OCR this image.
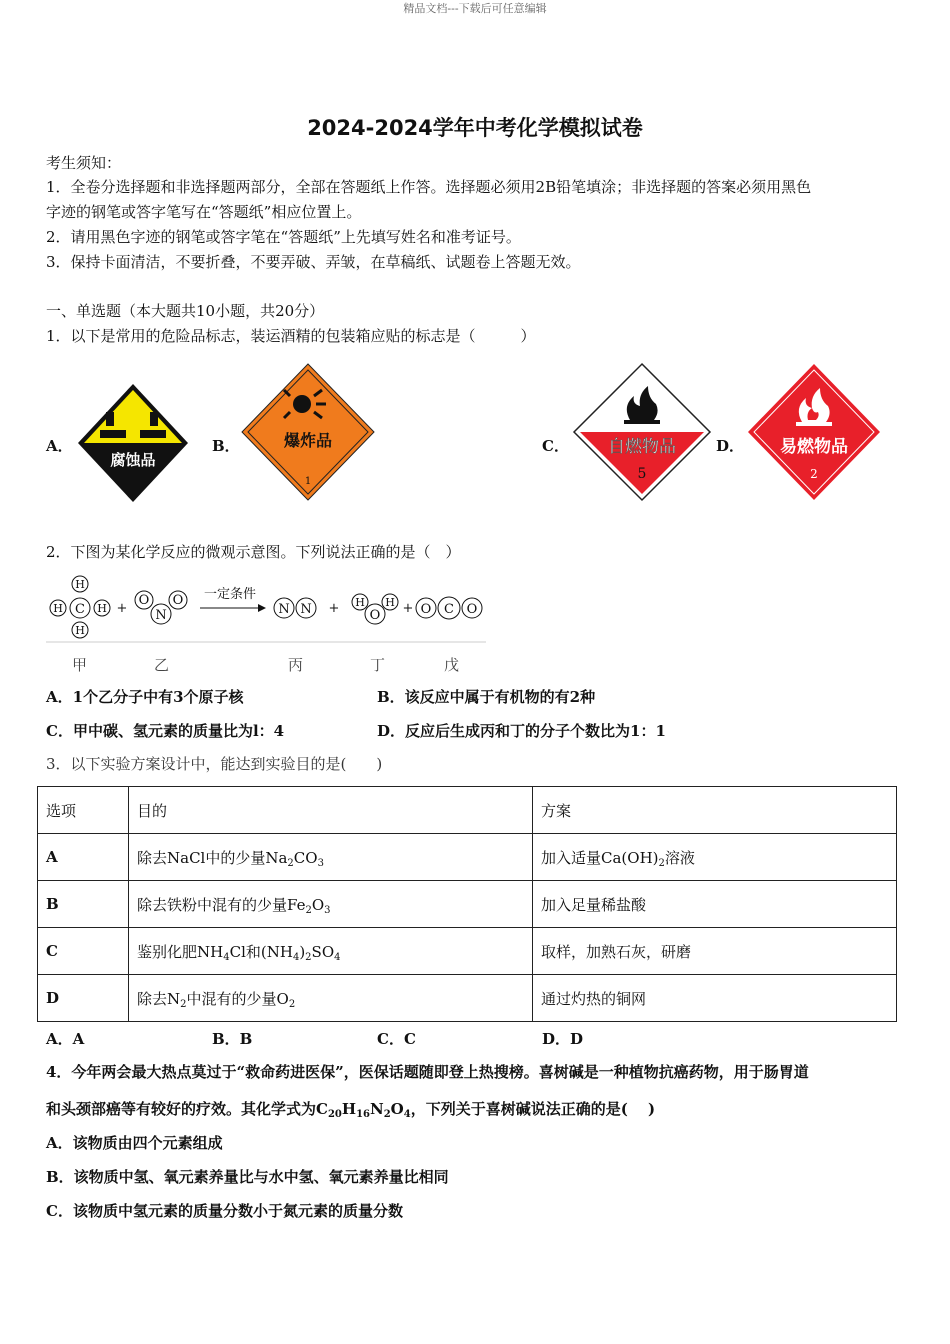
精品文档---下载后可任意编辑
2024-2024学年中考化学模拟试卷
考生须知：
1．全卷分选择题和非选择题两部分，全部在答题纸上作答。选择题必须用2B铅笔填涂；非选择题的答案必须用黑色
字迹的钢笔或答字笔写在“答题纸”相应位置上。
2．请用黑色字迹的钢笔或答字笔在“答题纸”上先填写姓名和准考证号。
3．保持卡面清洁，不要折叠，不要弄破、弄皱，在草稿纸、试题卷上答题无效。
一、单选题（本大题共10小题，共20分）
1．以下是常用的危险品标志，装运酒精的包装箱应贴的标志是（　　　）
A．
腐蚀品
B．	爆炸品
1
C． 自燃物品
5
D． 易燃物品
2
2．下图为某化学反应的微观示意图。下列说法正确的是（　）
C
H
H
H	H +
O O
N
一定条件
N N + H H
O + O C O
甲	乙	丙	丁	戊
A．1个乙分子中有3个原子核	B．该反应中属于有机物的有2种
C．甲中碳、氢元素的质量比为l：4	D．反应后生成丙和丁的分子个数比为1：1
3．以下实验方案设计中，能达到实验目的是(　　)
选项	目的	方案
A	除去NaCl中的少量$Na_2CO_3$	加入适量$Ca(OH)_2$溶液
B	除去铁粉中混有的少量$Fe_2O_3$	加入足量稀盐酸
C	鉴别化肥$NH_4Cl$和$(NH_4)_2SO_4$	取样，加熟石灰，研磨
D	除去$N_2$中混有的少量$O_2$	通过灼热的铜网
A．A	B．B	C．C	D．D
4．今年两会最大热点莫过于“救命药进医保”，医保话题随即登上热搜榜。喜树碱是一种植物抗癌药物，用于肠胃道
和头颈部癌等有较好的疗效。其化学式为$C_{20}H_{16}N_2O_4$，下列关于喜树碱说法正确的是(　 )
A．该物质由四个元素组成
B．该物质中氢、氧元素养量比与水中氢、氧元素养量比相同
C．该物质中氢元素的质量分数小于氮元素的质量分数
